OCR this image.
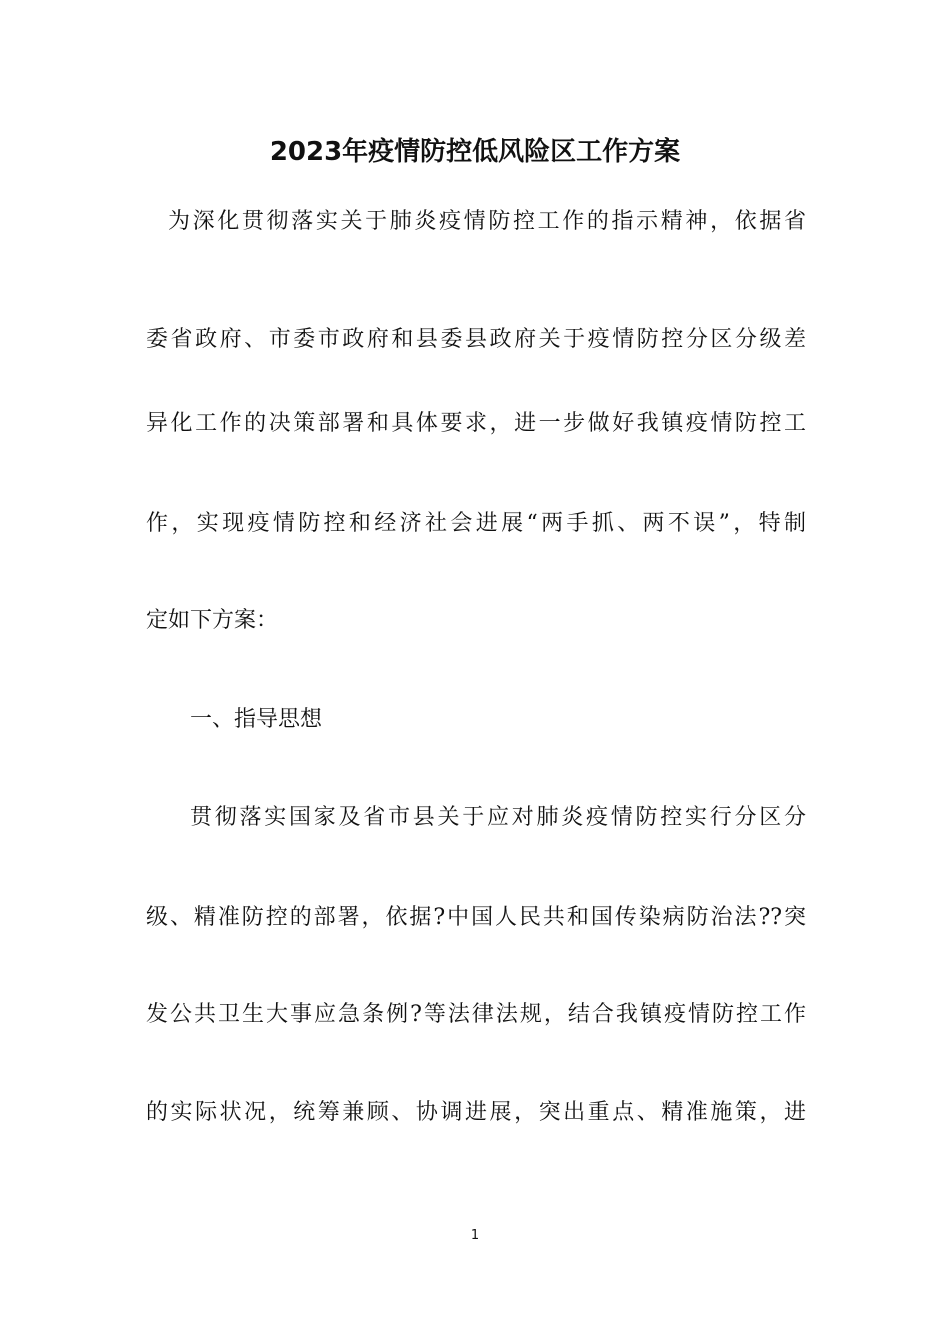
2023年疫情防控低风险区工作方案

为深化贯彻落实关于肺炎疫情防控工作的指示精神，依据省

委省政府、市委市政府和县委县政府关于疫情防控分区分级差

异化工作的决策部署和具体要求，进一步做好我镇疫情防控工

作，实现疫情防控和经济社会进展“两手抓、两不误”，特制

定如下方案：

一、指导思想

贯彻落实国家及省市县关于应对肺炎疫情防控实行分区分

级、精准防控的部署，依据?中国人民共和国传染病防治法??突

发公共卫生大事应急条例?等法律法规，结合我镇疫情防控工作

的实际状况，统筹兼顾、协调进展，突出重点、精准施策，进

1
